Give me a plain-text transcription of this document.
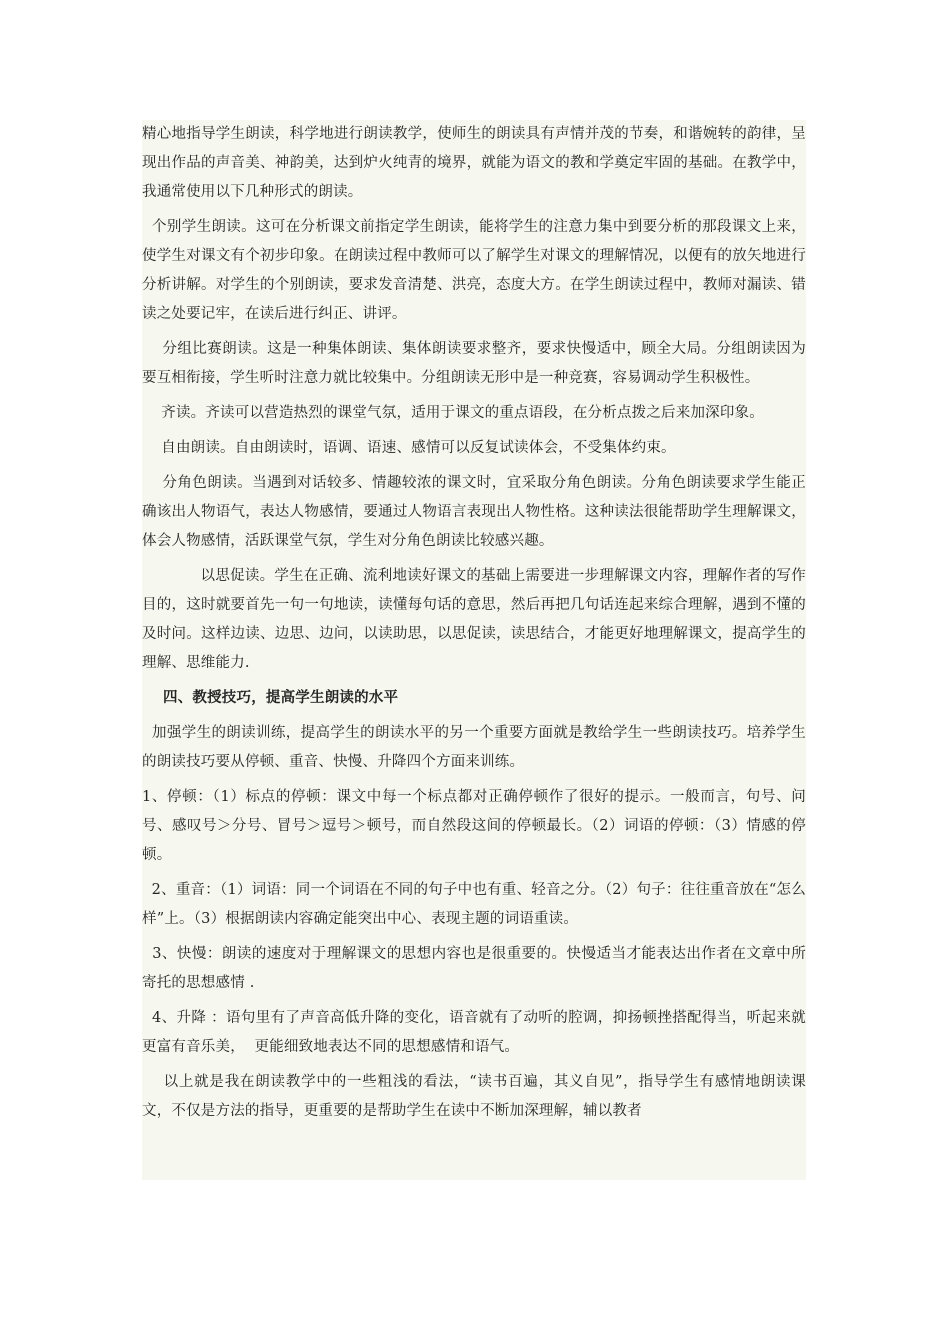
精心地指导学生朗读，科学地进行朗读教学，使师生的朗读具有声情并茂的节奏，和谐婉转的韵律，呈现出作品的声音美、神韵美，达到炉火纯青的境界，就能为语文的教和学奠定牢固的基础。在教学中，我通常使用以下几种形式的朗读。

个别学生朗读。这可在分析课文前指定学生朗读，能将学生的注意力集中到要分析的那段课文上来，使学生对课文有个初步印象。在朗读过程中教师可以了解学生对课文的理解情况，以便有的放矢地进行分析讲解。对学生的个别朗读，要求发音清楚、洪亮，态度大方。在学生朗读过程中，教师对漏读、错读之处要记牢，在读后进行纠正、讲评。

分组比赛朗读。这是一种集体朗读、集体朗读要求整齐，要求快慢适中，顾全大局。分组朗读因为要互相衔接，学生听时注意力就比较集中。分组朗读无形中是一种竞赛，容易调动学生积极性。

齐读。齐读可以营造热烈的课堂气氛，适用于课文的重点语段，在分析点拨之后来加深印象。

自由朗读。自由朗读时，语调、语速、感情可以反复试读体会，不受集体约束。

分角色朗读。当遇到对话较多、情趣较浓的课文时，宜采取分角色朗读。分角色朗读要求学生能正确该出人物语气，表达人物感情，要通过人物语言表现出人物性格。这种读法很能帮助学生理解课文，体会人物感情，活跃课堂气氛，学生对分角色朗读比较感兴趣。

以思促读。学生在正确、流利地读好课文的基础上需要进一步理解课文内容，理解作者的写作目的，这时就要首先一句一句地读，读懂每句话的意思，然后再把几句话连起来综合理解，遇到不懂的及时问。这样边读、边思、边问，以读助思，以思促读，读思结合，才能更好地理解课文，提高学生的理解、思维能力.

四、教授技巧，提高学生朗读的水平

加强学生的朗读训练，提高学生的朗读水平的另一个重要方面就是教给学生一些朗读技巧。培养学生的朗读技巧要从停顿、重音、快慢、升降四个方面来训练。

1、停顿：（1）标点的停顿：课文中每一个标点都对正确停顿作了很好的提示。一般而言，句号、问号、感叹号＞分号、冒号＞逗号＞顿号，而自然段这间的停顿最长。（2）词语的停顿：（3）情感的停顿。

2、重音：（1）词语：同一个词语在不同的句子中也有重、轻音之分。（2）句子：往往重音放在“怎么样”上。（3）根据朗读内容确定能突出中心、表现主题的词语重读。

3、快慢：朗读的速度对于理解课文的思想内容也是很重要的。快慢适当才能表达出作者在文章中所寄托的思想感情 .

4、升降 ：语句里有了声音高低升降的变化，语音就有了动听的腔调，抑扬顿挫搭配得当，听起来就更富有音乐美，  更能细致地表达不同的思想感情和语气。

以上就是我在朗读教学中的一些粗浅的看法，“读书百遍，其义自见”，指导学生有感情地朗读课文，不仅是方法的指导，更重要的是帮助学生在读中不断加深理解，辅以教者
